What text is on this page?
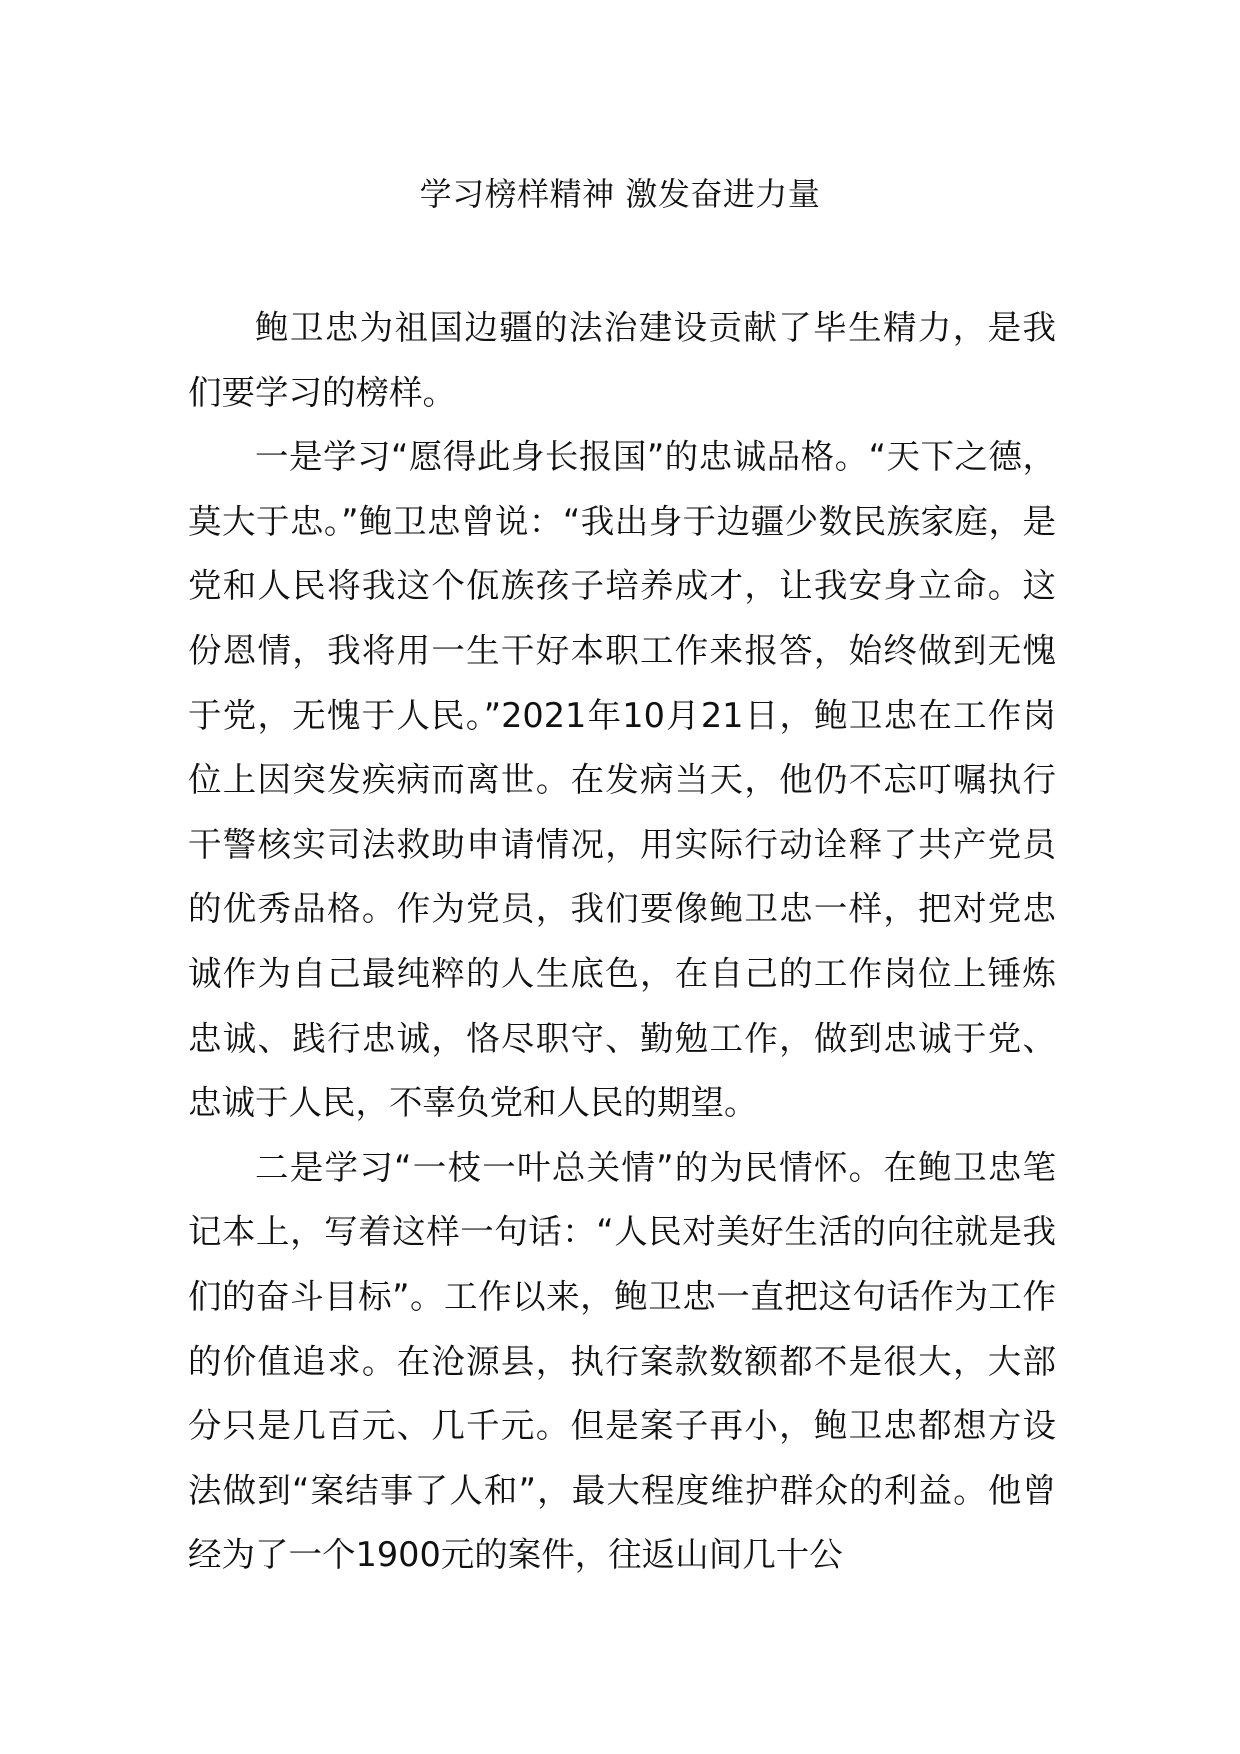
学习榜样精神 激发奋进力量

鲍卫忠为祖国边疆的法治建设贡献了毕生精力，是我们要学习的榜样。

一是学习“愿得此身长报国”的忠诚品格。“天下之德，莫大于忠。”鲍卫忠曾说：“我出身于边疆少数民族家庭，是党和人民将我这个佤族孩子培养成才，让我安身立命。这份恩情，我将用一生干好本职工作来报答，始终做到无愧于党，无愧于人民。”2021年10月21日，鲍卫忠在工作岗位上因突发疾病而离世。在发病当天，他仍不忘叮嘱执行干警核实司法救助申请情况，用实际行动诠释了共产党员的优秀品格。作为党员，我们要像鲍卫忠一样，把对党忠诚作为自己最纯粹的人生底色，在自己的工作岗位上锤炼忠诚、践行忠诚，恪尽职守、勤勉工作，做到忠诚于党、忠诚于人民，不辜负党和人民的期望。

二是学习“一枝一叶总关情”的为民情怀。在鲍卫忠笔记本上，写着这样一句话：“人民对美好生活的向往就是我们的奋斗目标”。工作以来，鲍卫忠一直把这句话作为工作的价值追求。在沧源县，执行案款数额都不是很大，大部分只是几百元、几千元。但是案子再小，鲍卫忠都想方设法做到“案结事了人和”，最大程度维护群众的利益。他曾经为了一个1900元的案件，往返山间几十公
